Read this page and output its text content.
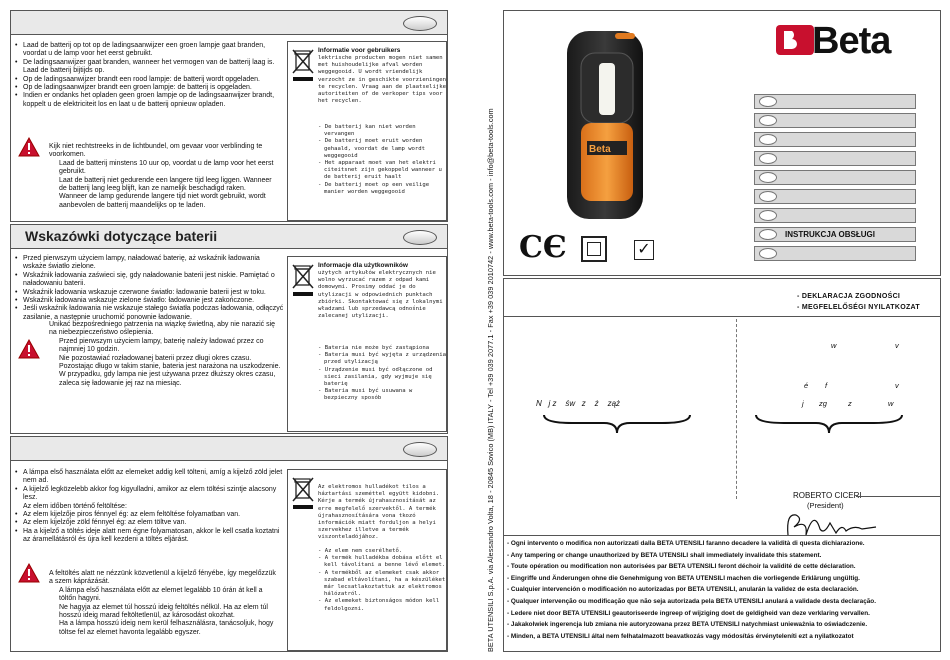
• Laad de batterij op tot op de ladingsaanwijzer een groen lampje gaat branden, voordat u de lamp voor het eerst gebruikt.
• De ladingsaanwijzer gaat branden, wanneer het vermogen van de batterij laag is.
Laad de batterij bijtijds op.
• Op de ladingsaanwijzer brandt een rood lampje: de batterij wordt opgeladen.
• Op de ladingsaanwijzer brandt een groen lampje: de batterij is opgeladen.
• Indien er ondanks het opladen geen groen lampje op de ladingsaanwijzer brandt, koppelt u de elektriciteit los en laat u de batterij opnieuw opladen.
Kijk niet rechtstreeks in de lichtbundel, om gevaar voor verblinding te voorkomen.
Laad de batterij minstens 10 uur op, voordat u de lamp voor het eerst gebruikt.
Laat de batterij niet gedurende een langere tijd leeg liggen. Wanneer de batterij lang leeg blijft, kan ze namelijk beschadigd raken.
Wanneer de lamp gedurende langere tijd niet wordt gebruikt, wordt aanbevolen de batterij maandelijks op te laden.
Informatie voor gebruikers
lektrische producten mogen niet samen met huishoudelijke afval worden weggegooid. U wordt vriendelijk verzocht ze in geschikte voorzieningen te recyclen. Vraag aan de plaatselijke autoriteiten of de verkoper tips voor het recyclen.
- De batterij kan niet worden vervangen
- De batterij moet eruit worden gehaald, voordat de lamp wordt weggegooid
- Het apparaat moet van het elektri citeitsnet zijn gekoppeld wanneer u de batterij eruit haalt
- De batterij moet op een veilige manier worden weggegooid
Wskazówki dotyczące baterii
• Przed pierwszym użyciem lampy, naładować baterię, aż wskaźnik ładowania wskaże światło zielone.
• Wskaźnik ładowania zaświeci się, gdy naładowanie baterii jest niskie. Pamiętać o naładowaniu baterii.
• Wskaźnik ładowania wskazuje czerwone światło: ładowanie baterii jest w toku.
• Wskaźnik ładowania wskazuje zielone światło: ładowanie jest zakończone.
• Jeśli wskaźnik ładowania nie wskazuje stałego światła podczas ładowania, odłączyć zasilanie, a następnie uruchomić ponownie ładowanie.
Unikać bezpośredniego patrzenia na wiązkę świetlną, aby nie narazić się na niebezpieczeństwo oślepienia.
Przed pierwszym użyciem lampy, baterię należy ładować przez co najmniej 10 godzin.
Nie pozostawiać rozładowanej baterii przez długi okres czasu. Pozostając długo w takim stanie, bateria jest narażona na uszkodzenie.
W przypadku, gdy lampa nie jest używana przez dłuższy okres czasu, zaleca się ładowanie jej raz na miesiąc.
Informacje dla użytkowników
użytych artykułów elektrycznych nie wolno wyrzucać razem z odpad kami domowymi. Prosimy oddać je do utylizacji w odpowiednich punktach zbiórki. Skontaktować się z lokalnymi władzami lub sprzedawcą odnośnie zalecanej utylizacji.
- Bateria nie może być zastąpiona
- Bateria musi być wyjęta z urządzenia przed utylizacją
- Urządzenie musi być odłączone od sieci zasilania, gdy wyjmuje się baterię
- Bateria musi być usuwana w bezpieczny sposób
• A lámpa első használata előtt az elemeket addig kell tölteni, amíg a kijelző zöld jelet nem ad.
• A kijelző legközelebb akkor fog kigyulladni, amikor az elem töltési szintje alacsony lesz.
Az elem időben történő feltöltése:
• Az elem kijelzője piros fénnyel ég: az elem feltöltése folyamatban van.
• Az elem kijelzője zöld fénnyel ég: az elem töltve van.
• Ha a kijelző a töltés ideje alatt nem égne folyamatosan, akkor le kell csatla koztatni az áramellátásról és újra kell kezdeni a töltés eljárást.
A feltöltés alatt ne nézzünk közvetlenül a kijelző fényébe, így megelőzzük a szem káprázását.
A lámpa első használata előtt az elemet legalább 10 órán át kell a töltőn hagyni.
Ne hagyja az elemet túl hosszú ideig feltöltés nélkül. Ha az elem túl hosszú ideig marad feltöltetlenül, az károsodást okozhat.
Ha a lámpa hosszú ideig nem kerül felhasználásra, tanácsoljuk, hogy töltse fel az elemet havonta legalább egyszer.
Az elektromos hulladékot tilos a háztartási szeméttel együtt kidobni. Kérje a termék újrahasznosítását az erre megfelelő szervektől. A termék újrahasznosítására vona tkozó információk miatt forduljon a helyi szervekhez illetve a termék viszonteladójához.
- Az elem nem cserélhető.
- A termék hulladékba dobása előtt el kell távolítani a benne lévő elemet.
- A termékből az elemeket csak akkor szabad eltávolítani, ha a készüléket már lecsatlakoztattuk az elektromos hálózatról.
- Az elemeket biztonságos módon kell feldolgozni.	BETA UTENSILI S.p.A. via Alessandro Volta, 18 - 20845 Sovico (MB) ITALY - Tel +39 039 2077.1 - Fax +39 039 2010742 - www.beta-tools.com - info@beta-tools.com	Beta
Beta
CЄ	✓
INSTRUKCJA OBSŁUGI
- DEKLARACJA ZGODNOŚCI
- MEGFELELŐSÉGI NYILATKOZAT
N   j z    św   z    ż    ząż
w	v
é f	v
j zg	z	w
ROBERTO CICERI
(President)
- Ogni intervento o modifica non autorizzati dalla BETA UTENSILI faranno decadere la validità di questa dichiarazione.
- Any tampering or change unauthorized by BETA UTENSILI shall immediately invalidate this statement.
- Toute opération ou modification non autorisées par BETA UTENSILI feront déchoir la validité de cette déclaration.
- Eingriffe und Änderungen ohne die Genehmigung von BETA UTENSILI machen die vorliegende Erklärung ungültig.
- Cualquier intervención o modificación no autorizadas por BETA UTENSILI, anularán la validez de esta declaración.
- Qualquer intervenção ou modificação que não seja autorizada pela BETA UTENSILI anulará a validade desta declaração.
- Ledere niet door BETA UTENSILI geautoriseerde ingreep of wijziging doet de geldigheid van deze verklaring vervallen.
- Jakakolwiek ingerencja lub zmiana nie autoryzowana przez BETA UTENSILI natychmiast unieważnia to oświadczenie.
- Minden, a BETA UTENSILI által nem felhatalmazott beavatkozás vagy módosítás érvényteleníti ezt a nyilatkozatot
